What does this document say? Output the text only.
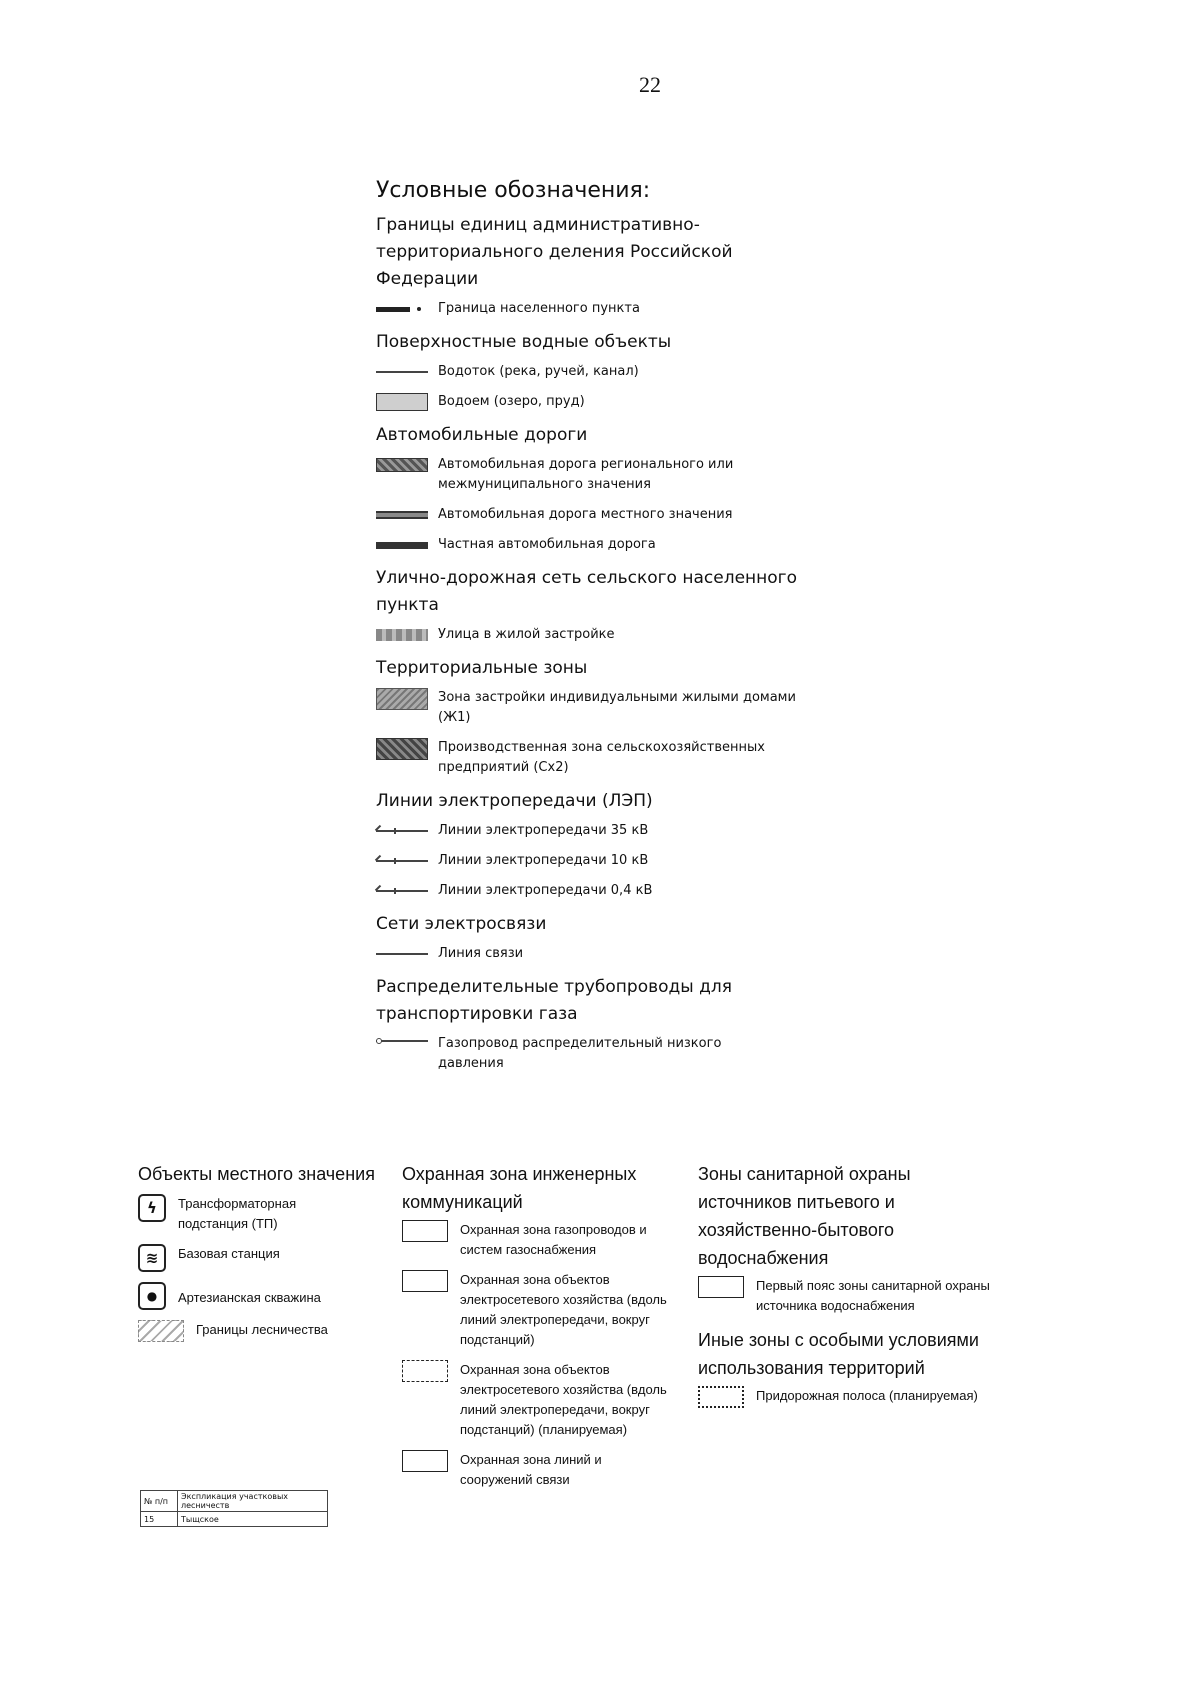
22
Условные обозначения:
Границы единиц административно-территориального деления Российской Федерации
Граница населенного пункта
Поверхностные водные объекты
Водоток (река, ручей, канал)
Водоем (озеро, пруд)
Автомобильные дороги
Автомобильная дорога регионального или межмуниципального значения
Автомобильная дорога местного значения
Частная автомобильная дорога
Улично-дорожная сеть сельского населенного пункта
Улица в жилой застройке
Территориальные зоны
Зона застройки индивидуальными жилыми домами (Ж1)
Производственная зона сельскохозяйственных предприятий (Сх2)
Линии электропередачи (ЛЭП)
Линии электропередачи 35 кВ
Линии электропередачи 10 кВ
Линии электропередачи 0,4 кВ
Сети электросвязи
Линия связи
Распределительные трубопроводы для транспортировки газа
Газопровод распределительный низкого давления
Объекты местного значения
ϟ	Трансформаторная подстанция (ТП)
≋	Базовая станция
●	Артезианская скважина
Границы лесничества
Охранная зона инженерных коммуникаций
Охранная зона газопроводов и систем газоснабжения
Охранная зона объектов электросетевого хозяйства (вдоль линий электропередачи, вокруг подстанций)
Охранная зона объектов электросетевого хозяйства (вдоль линий электропередачи, вокруг подстанций) (планируемая)
Охранная зона линий и сооружений связи
Зоны санитарной охраны источников питьевого и хозяйственно-бытового водоснабжения
Первый пояс зоны санитарной охраны источника водоснабжения
Иные зоны с особыми условиями использования территорий
Придорожная полоса (планируемая)
№ п/п	Экспликация участковых лесничеств
15	Тыщское
